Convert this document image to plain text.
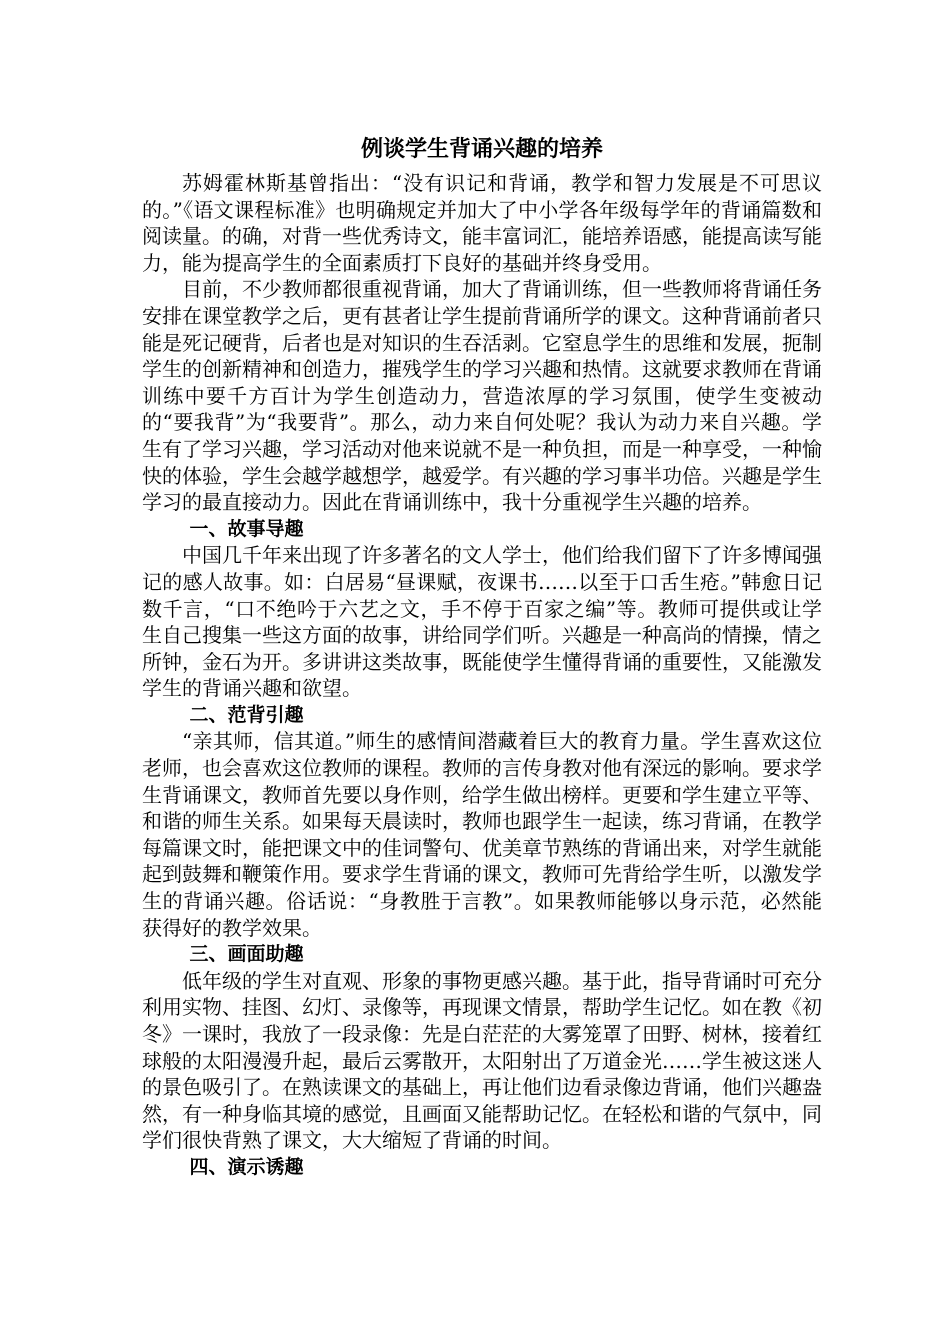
例谈学生背诵兴趣的培养

苏姆霍林斯基曾指出：“没有识记和背诵，教学和智力发展是不可思议的。”《语文课程标准》也明确规定并加大了中小学各年级每学年的背诵篇数和阅读量。的确，对背一些优秀诗文，能丰富词汇，能培养语感，能提高读写能力，能为提高学生的全面素质打下良好的基础并终身受用。

目前，不少教师都很重视背诵，加大了背诵训练，但一些教师将背诵任务安排在课堂教学之后，更有甚者让学生提前背诵所学的课文。这种背诵前者只能是死记硬背，后者也是对知识的生吞活剥。它窒息学生的思维和发展，扼制学生的创新精神和创造力，摧残学生的学习兴趣和热情。这就要求教师在背诵训练中要千方百计为学生创造动力，营造浓厚的学习氛围，使学生变被动的“要我背”为“我要背”。那么，动力来自何处呢？我认为动力来自兴趣。学生有了学习兴趣，学习活动对他来说就不是一种负担，而是一种享受，一种愉快的体验，学生会越学越想学，越爱学。有兴趣的学习事半功倍。兴趣是学生学习的最直接动力。因此在背诵训练中，我十分重视学生兴趣的培养。

一、故事导趣

中国几千年来出现了许多著名的文人学士，他们给我们留下了许多博闻强记的感人故事。如：白居易“昼课赋，夜课书……以至于口舌生疮。”韩愈日记数千言，“口不绝吟于六艺之文，手不停于百家之编”等。教师可提供或让学生自己搜集一些这方面的故事，讲给同学们听。兴趣是一种高尚的情操，情之所钟，金石为开。多讲讲这类故事，既能使学生懂得背诵的重要性，又能激发学生的背诵兴趣和欲望。

二、范背引趣

“亲其师，信其道。”师生的感情间潜藏着巨大的教育力量。学生喜欢这位老师，也会喜欢这位教师的课程。教师的言传身教对他有深远的影响。要求学生背诵课文，教师首先要以身作则，给学生做出榜样。更要和学生建立平等、和谐的师生关系。如果每天晨读时，教师也跟学生一起读，练习背诵，在教学每篇课文时，能把课文中的佳词警句、优美章节熟练的背诵出来，对学生就能起到鼓舞和鞭策作用。要求学生背诵的课文，教师可先背给学生听，以激发学生的背诵兴趣。俗话说：“身教胜于言教”。如果教师能够以身示范，必然能获得好的教学效果。

三、画面助趣

低年级的学生对直观、形象的事物更感兴趣。基于此，指导背诵时可充分利用实物、挂图、幻灯、录像等，再现课文情景，帮助学生记忆。如在教《初冬》一课时，我放了一段录像：先是白茫茫的大雾笼罩了田野、树林，接着红球般的太阳漫漫升起，最后云雾散开，太阳射出了万道金光……学生被这迷人的景色吸引了。在熟读课文的基础上，再让他们边看录像边背诵，他们兴趣盎然，有一种身临其境的感觉，且画面又能帮助记忆。在轻松和谐的气氛中，同学们很快背熟了课文，大大缩短了背诵的时间。

四、演示诱趣
